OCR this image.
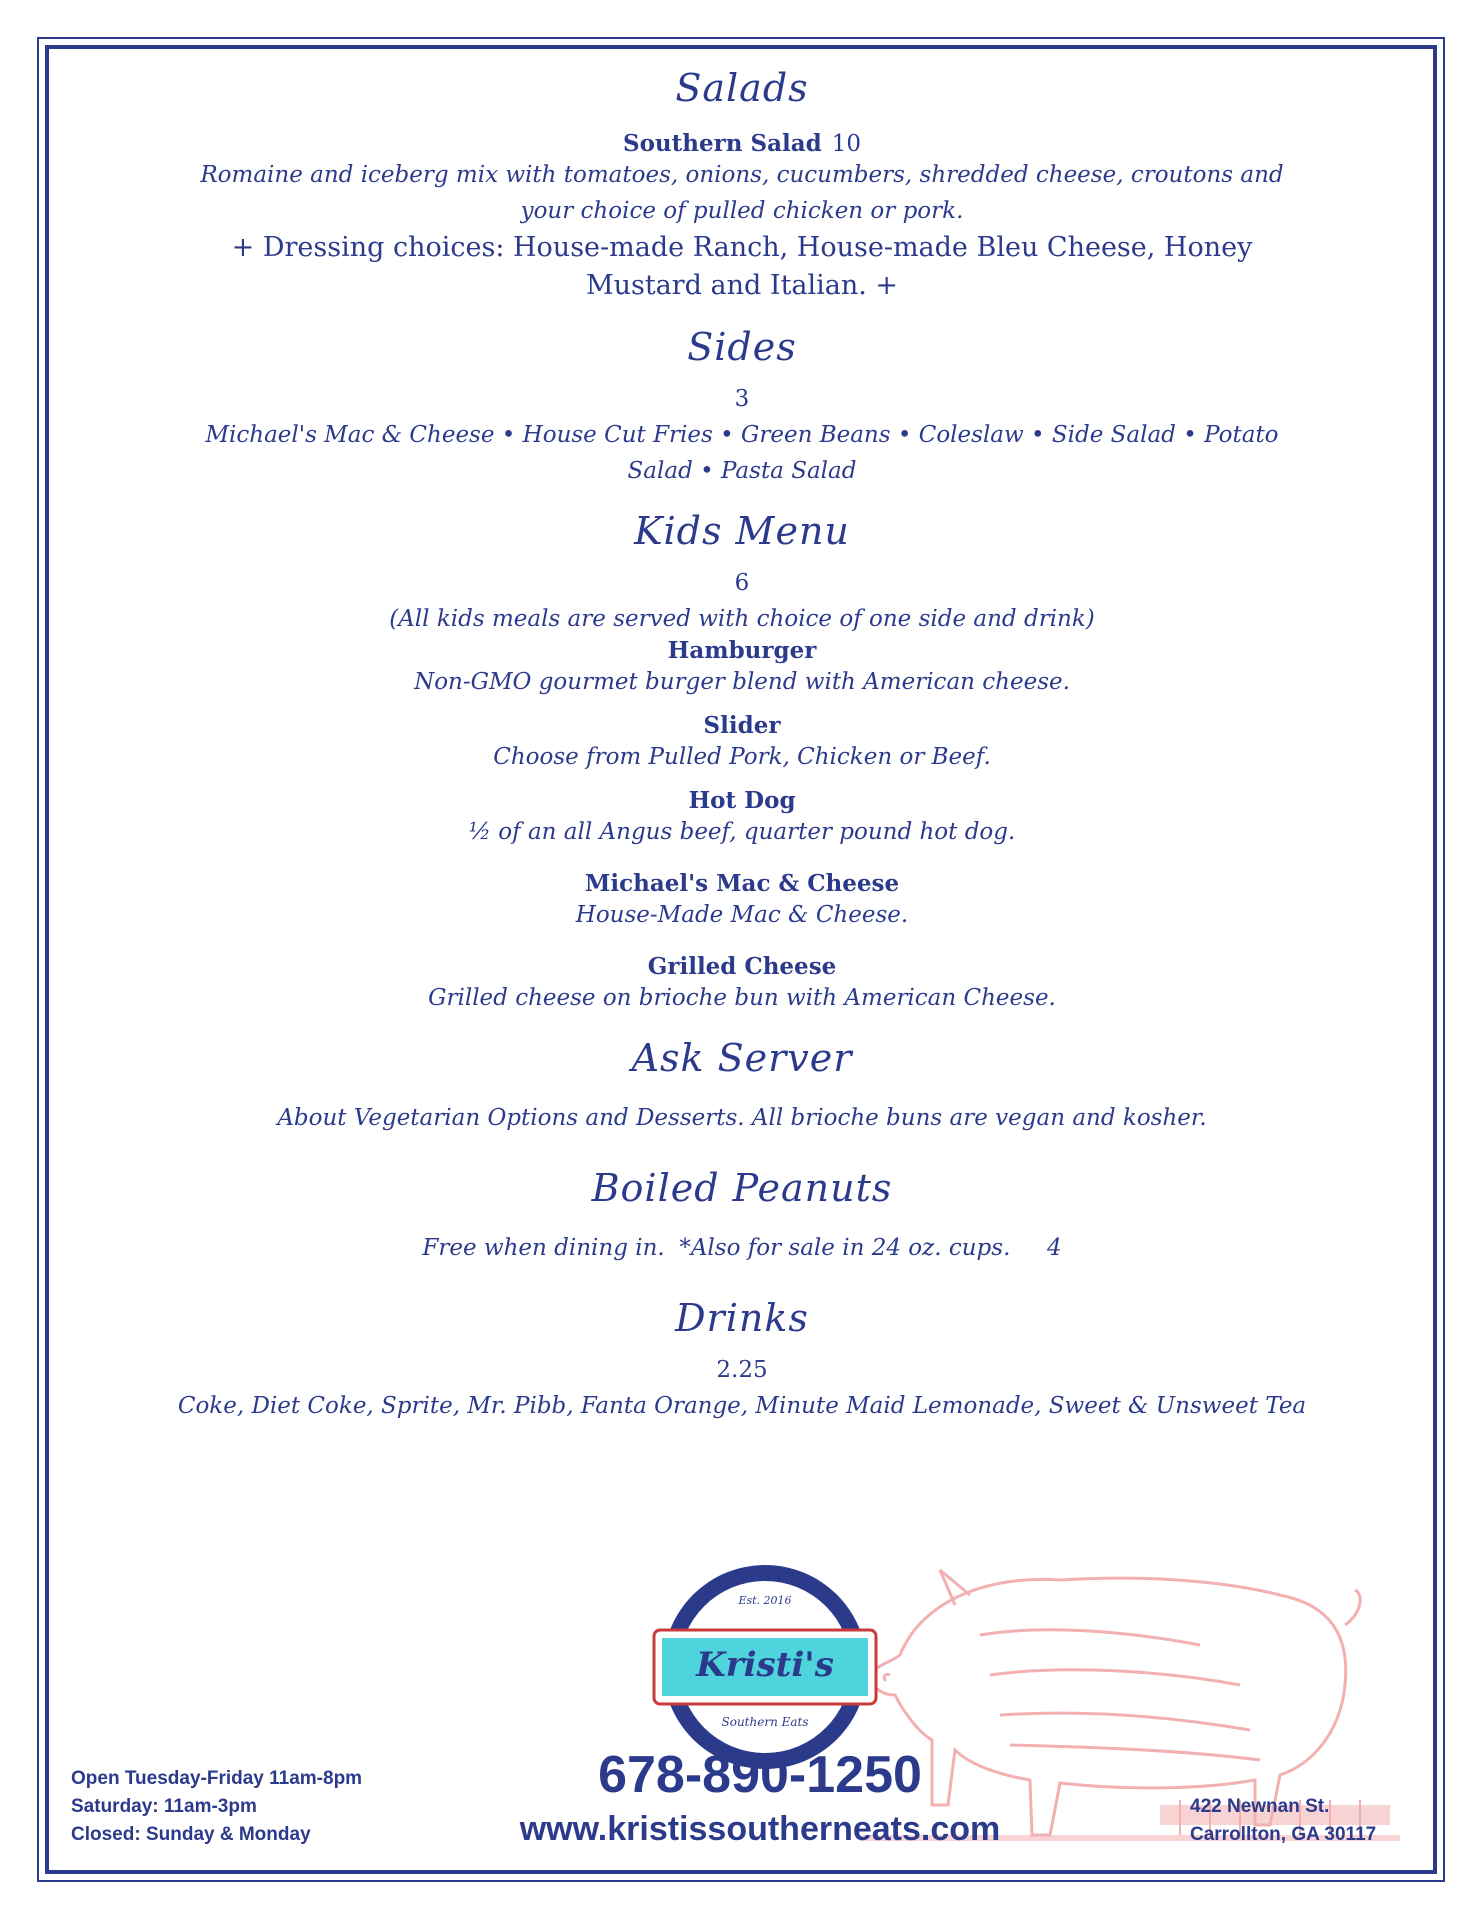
Est. 2016
Kristi's
Southern Eats
Salads

Southern Salad 10

Romaine and iceberg mix with tomatoes, onions, cucumbers, shredded cheese, croutons and your choice of pulled chicken or pork.

+ Dressing choices: House-made Ranch, House-made Bleu Cheese, Honey Mustard and Italian. +

Sides

3

Michael's Mac & Cheese • House Cut Fries • Green Beans • Coleslaw • Side Salad • Potato Salad • Pasta Salad

Kids Menu

6

(All kids meals are served with choice of one side and drink)

Hamburger

Non-GMO gourmet burger blend with American cheese.

Slider

Choose from Pulled Pork, Chicken or Beef.

Hot Dog

½ of an all Angus beef, quarter pound hot dog.

Michael's Mac & Cheese

House-Made Mac & Cheese.

Grilled Cheese

Grilled cheese on brioche bun with American Cheese.

Ask Server

About Vegetarian Options and Desserts. All brioche buns are vegan and kosher.

Boiled Peanuts

Free when dining in.  *Also for sale in 24 oz. cups.     4

Drinks

2.25

Coke, Diet Coke, Sprite, Mr. Pibb, Fanta Orange, Minute Maid Lemonade, Sweet & Unsweet Tea

678-890-1250
www.kristissoutherneats.com
Open Tuesday-Friday 11am-8pm
Saturday: 11am-3pm
Closed: Sunday & Monday
422 Newnan St.
Carrollton, GA 30117
